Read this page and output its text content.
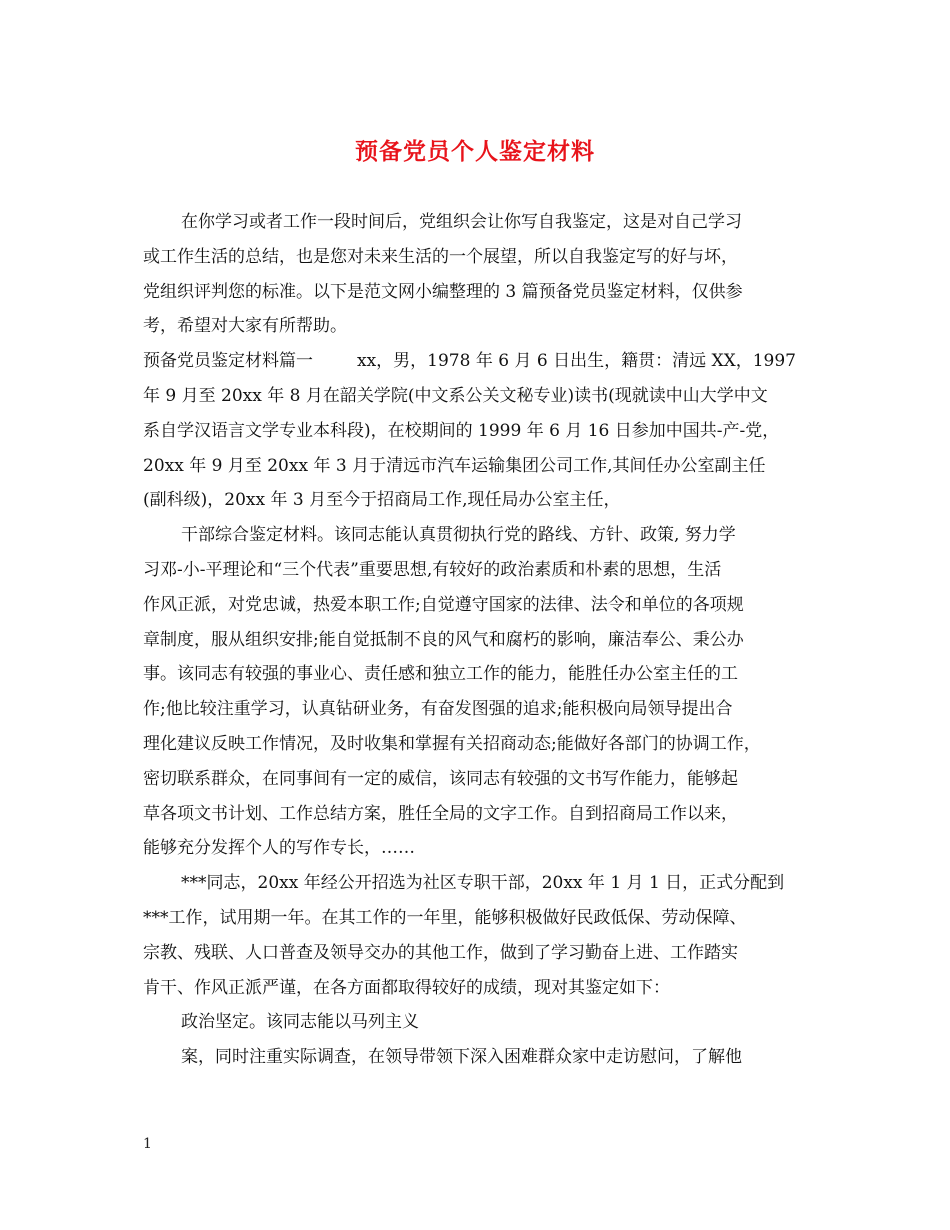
预备党员个人鉴定材料

在你学习或者工作一段时间后，党组织会让你写自我鉴定，这是对自己学习

或工作生活的总结，也是您对未来生活的一个展望，所以自我鉴定写的好与坏，

党组织评判您的标准。以下是范文网小编整理的 3 篇预备党员鉴定材料，仅供参

考，希望对大家有所帮助。

预备党员鉴定材料篇一	xx，男，1978 年 6 月 6 日出生，籍贯：清远 XX，1997

年 9 月至 20xx 年 8 月在韶关学院(中文系公关文秘专业)读书(现就读中山大学中文

系自学汉语言文学专业本科段)，在校期间的 1999 年 6 月 16 日参加中国共-产-党，

20xx 年 9 月至 20xx 年 3 月于清远市汽车运输集团公司工作,其间任办公室副主任

(副科级)，20xx 年 3 月至今于招商局工作,现任局办公室主任，

干部综合鉴定材料。该同志能认真贯彻执行党的路线、方针、政策, 努力学

习邓-小-平理论和“三个代表”重要思想,有较好的政治素质和朴素的思想，生活

作风正派，对党忠诚，热爱本职工作;自觉遵守国家的法律、法令和单位的各项规

章制度，服从组织安排;能自觉抵制不良的风气和腐朽的影响，廉洁奉公、秉公办

事。该同志有较强的事业心、责任感和独立工作的能力，能胜任办公室主任的工

作;他比较注重学习，认真钻研业务，有奋发图强的追求;能积极向局领导提出合

理化建议反映工作情况，及时收集和掌握有关招商动态;能做好各部门的协调工作，

密切联系群众，在同事间有一定的威信，该同志有较强的文书写作能力，能够起

草各项文书计划、工作总结方案，胜任全局的文字工作。自到招商局工作以来，

能够充分发挥个人的写作专长，……

***同志，20xx 年经公开招选为社区专职干部，20xx 年 1 月 1 日，正式分配到

***工作，试用期一年。在其工作的一年里，能够积极做好民政低保、劳动保障、

宗教、残联、人口普查及领导交办的其他工作，做到了学习勤奋上进、工作踏实

肯干、作风正派严谨，在各方面都取得较好的成绩，现对其鉴定如下：

政治坚定。该同志能以马列主义

案，同时注重实际调查，在领导带领下深入困难群众家中走访慰问，了解他

1
